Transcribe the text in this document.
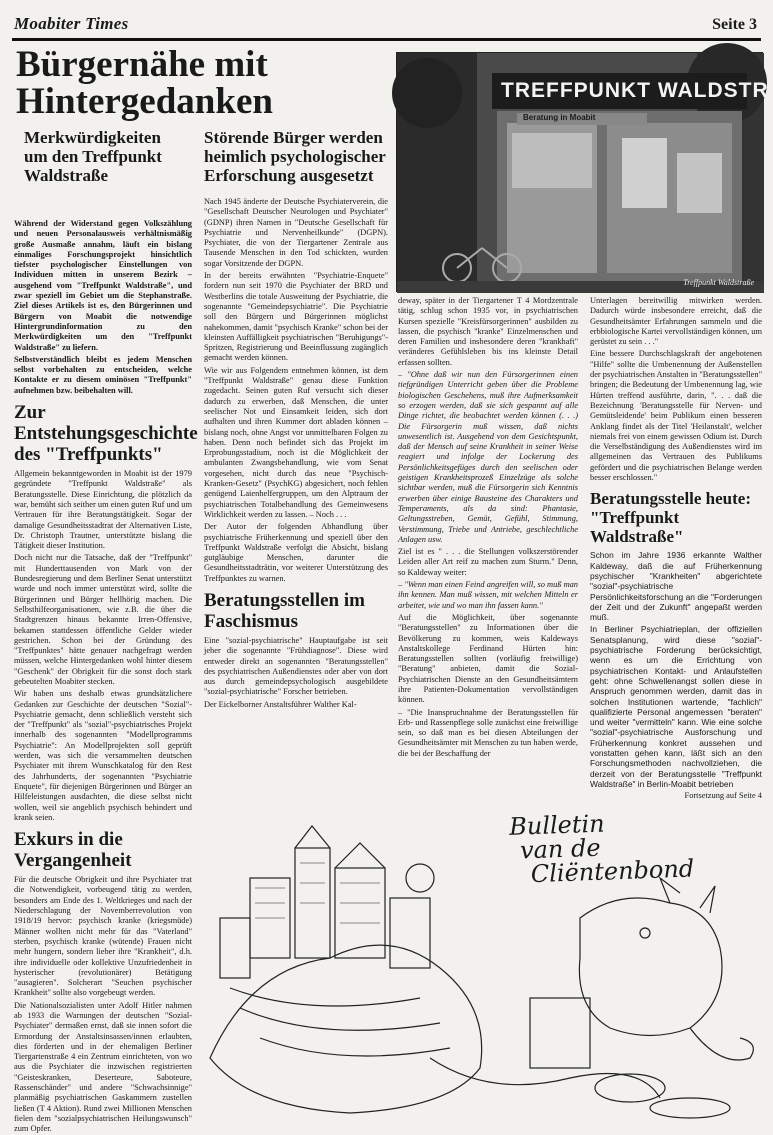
Moabiter Times	Seite 3
Bürgernähe mit Hintergedanken
Merkwürdigkeiten um den Treffpunkt Waldstraße

Während der Widerstand gegen Volkszählung und neuen Personalausweis verhältnismäßig große Ausmaße annahm, läuft ein bislang einmaliges Forschungsprojekt hinsichtlich tiefster psychologischer Einstellungen von Individuen mitten in unserem Bezirk – ausgehend vom "Treffpunkt Waldstraße", und zwar speziell im Gebiet um die Stephanstraße. Ziel dieses Artikels ist es, den Bürgerinnen und Bürgern von Moabit die notwendige Hintergrundinformation zu den Merkwürdigkeiten um den "Treffpunkt Waldstraße" zu liefern.

Selbstverständlich bleibt es jedem Menschen selbst vorbehalten zu entscheiden, welche Kontakte er zu diesem ominösen "Treffpunkt" aufnehmen bzw. beibehalten will.

Zur Entstehungsgeschichte des "Treffpunkts"

Allgemein bekanntgeworden in Moabit ist der 1979 gegründete "Treffpunkt Waldstraße" als Beratungsstelle. Diese Einrichtung, die plötzlich da war, bemüht sich seither um einen guten Ruf und um Vertrauen für ihre Beratungstätigkeit. Sogar der damalige Gesundheitsstadtrat der Alternativen Liste, Dr. Christoph Trautner, unterstützte bislang die Tätigkeit dieser Institution.

Doch nicht nur die Tatsache, daß der "Treffpunkt" mit Hunderttausenden von Mark von der Bundesregierung und dem Berliner Senat unterstützt wurde und noch immer unterstützt wird, sollte die Bürgerinnen und Bürger hellhörig machen. Die Selbsthilfeorganisationen, wie z.B. die über die Stadtgrenzen hinaus bekannte Irren-Offensive, bekamen stattdessen öffentliche Gelder wieder gestrichen. Schon bei der Gründung des "Treffpunktes" hätte genauer nachgefragt werden müssen, welche Hintergedanken wohl hinter diesem "Geschenk" der Obrigkeit für die sonst doch stark gebeutelten Moabiter stecken.

Wir haben uns deshalb etwas grundsätzlichere Gedanken zur Geschichte der deutschen "Sozial"-Psychiatrie gemacht, denn schließlich versteht sich der "Treffpunkt" als "sozial"-psychiatrisches Projekt innerhalb des sogenannten "Modellprogramms Psychiatrie": An Modellprojekten soll geprüft werden, was sich die versammelten deutschen Psychiater mit ihrem Wunschkatalog für den Rest des Jahrhunderts, der sogenannten "Psychiatrie Enquete", für diejenigen Bürgerinnen und Bürger an Hilfeleistungen ausdachten, die diese selbst nicht wollen, weil sie angeblich psychisch behindert und krank seien.

Exkurs in die Vergangenheit

Für die deutsche Obrigkeit und ihre Psychiater trat die Notwendigkeit, vorbeugend tätig zu werden, besonders am Ende des 1. Weltkrieges und nach der Niederschlagung der Novemberrevolution von 1918/19 hervor: psychisch kranke (kriegsmüde) Männer wollten nicht mehr für das "Vaterland" sterben, psychisch kranke (wütende) Frauen nicht mehr hungern, sondern lieber ihre "Krankheit", d.h. ihre individuelle oder kollektive Unzufriedenheit in hysterischer (revolutionärer) Betätigung "ausagieren". Solcherart "Seuchen psychischer Krankheit" sollte also vorgebeugt werden.

Die Nationalsozialisten unter Adolf Hitler nahmen ab 1933 die Warnungen der deutschen "Sozial-Psychiater" dermaßen ernst, daß sie innen sofort die Ermordung der Anstaltsinsassen/innen erlaubten, dies förderten und in der ehemaligen Berliner Tiergartenstraße 4 ein Zentrum einrichteten, von wo aus die Psychiater die inzwischen registrierten "Geisteskranken, Deserteure, Saboteure, Rassenschänder" und andere "Schwachsinnige" planmäßig psychiatrischen Gaskammern zustellen ließen (T 4 Aktion). Rund zwei Millionen Menschen fielen dem "sozialpsychiatrischen Heilungswunsch" zum Opfer.

Störende Bürger werden heimlich psychologischer Erforschung ausgesetzt

Nach 1945 änderte der Deutsche Psychiaterverein, die "Gesellschaft Deutscher Neurologen und Psychiater" (GDNP) ihren Namen in "Deutsche Gesellschaft für Psychiatrie und Nervenheilkunde" (DGPN). Psychiater, die von der Tiergartener Zentrale aus Tausende Menschen in den Tod schickten, wurden sogar Vorsitzende der DGPN.

In der bereits erwähnten "Psychiatrie-Enquete" fordern nun seit 1970 die Psychiater der BRD und Westberlins die totale Ausweitung der Psychiatrie, die sogenannte "Gemeindepsychiatrie". Die Psychiatrie soll den Bürgern und Bürgerinnen möglichst nahekommen, damit "psychisch Kranke" schon bei der kleinsten Auffälligkeit psychiatrischen "Beruhigungs"-Spritzen, Registrierung und Beeinflussung zugänglich gemacht werden können.

Wie wir aus Folgendem entnehmen können, ist dem "Treffpunkt Waldstraße" genau diese Funktion zugedacht. Seinen guten Ruf versucht sich dieser dadurch zu erwerben, daß Menschen, die unter seelischer Not und Einsamkeit leiden, sich dort aufhalten und ihren Kummer dort abladen können – bislang noch, ohne Angst vor unmittelbaren Folgen zu haben. Denn noch befindet sich das Projekt im Erprobungsstadium, noch ist die Möglichkeit der ambulanten Zwangsbehandlung, wie vom Senat vorgesehen, nicht durch das neue "Psychisch-Kranken-Gesetz" (PsychKG) abgesichert, noch fehlen genügend Laienhelfergruppen, um den Alptraum der psychiatrischen Totalbehandlung des Gemeinwesens Wirklichkeit werden zu lassen. – Noch . . .

Der Autor der folgenden Abhandlung über psychiatrische Früherkennung und speziell über den Treffpunkt Waldstraße verfolgt die Absicht, bislang gutgläubige Menschen, darunter die Gesundheitsstadträtin, vor weiterer Unterstützung des Treffpunktes zu warnen.

Beratungsstellen im Faschismus

Eine "sozial-psychiatrische" Hauptaufgabe ist seit jeher die sogenannte "Frühdiagnose". Diese wird entweder direkt an sogenannten "Beratungsstellen" des psychiatrischen Außendienstes oder aber von dort aus durch gemeindepsychologisch ausgebildete "sozial-psychiatrische" Forscher betrieben.

Der Eickelborner Anstaltsführer Walther Kal-

TREFFPUNKT WALDSTR
Beratung in Moabit
Treffpunkt Waldstraße

deway, später in der Tiergartener T 4 Mordzentrale tätig, schlug schon 1935 vor, in psychiatrischen Kursen spezielle "Kreisfürsorgerinnen" ausbilden zu lassen, die psychisch "kranke" Einzelmenschen und deren Familien und insbesondere deren "krankhaft" veränderes Gefühlsleben bis ins kleinste Detail erfassen sollten.

– "Ohne daß wir nun den Fürsorgerinnen einen tiefgründigen Unterricht geben über die Probleme biologischen Geschehens, muß ihre Aufmerksamkeit so erzogen werden, daß sie sich gespannt auf alle Dinge richtet, die beobachtet werden können (. . .) Die Fürsorgerin muß wissen, daß nichts unwesentlich ist. Ausgehend von dem Gesichtspunkt, daß der Mensch auf seine Krankheit in seiner Weise reagiert und infolge der Lockerung des Persönlichkeitsgefüges durch den seelischen oder geistigen Krankheitsprozeß Einzelzüge als solche sichtbar werden, muß die Fürsorgerin sich Kenntnis erwerben über einige Bausteine des Charakters und Temperaments, als da sind: Phantasie, Geltungsstreben, Gemüt, Gefühl, Stimmung, Verstimmung, Triebe und Antriebe, geschlechtliche Anlagen usw.

Ziel ist es " . . . die Stellungen volkszerstörender Leiden aller Art reif zu machen zum Sturm." Denn, so Kaldeway weiter:

– "Wenn man einen Feind angreifen will, so muß man ihn kennen. Man muß wissen, mit welchen Mitteln er arbeitet, wie und wo man ihn fassen kann."

Auf die Möglichkeit, über sogenannte "Beratungsstellen" zu Informationen über die Bevölkerung zu kommen, weis Kaldeways Anstaltskollege Ferdinand Hürten hin: Beratungsstellen sollten (vorläufig freiwillige) "Beratung" anbieten, damit die Sozial-Psychiatrischen Dienste an den Gesundheitsämtern ihre Patienten-Dokumentation vervollständigen können.

– "Die Inanspruchnahme der Beratungsstellen für Erb- und Rassenpflege solle zunächst eine freiwillige sein, so daß man es bei diesen Abteilungen der Gesundheitsämter mit Menschen zu tun haben werde, die bei der Beschaffung der

Unterlagen bereitwillig mitwirken werden. Dadurch würde insbesondere erreicht, daß die Gesundheitsämter Erfahrungen sammeln und die erbbiologische Kartei vervollständigen können, um gerüstet zu sein . . ."

Eine bessere Durchschlagskraft der angebotenen "Hilfe" sollte die Umbenennung der Außenstellen der psychiatrischen Anstalten in "Beratungsstellen" bringen; die Bedeutung der Umbenennung lag, wie Hürten treffend ausführte, darin, ". . . daß die Bezeichnung 'Beratungsstelle für Nerven- und Gemütsleidende' beim Publikum einen besseren Anklang findet als der Titel 'Heilanstalt', welcher niemals frei von einem gewissen Odium ist. Durch die Verselbständigung des Außendienstes wird im allgemeinen das Vertrauen des Publikums gefördert und die psychiatrischen Belange werden besser erschlossen."

Beratungsstelle heute: "Treffpunkt Waldstraße"

Schon im Jahre 1936 erkannte Walther Kaldeway, daß die auf Früherkennung psychischer "Krankheiten" abgerichtete "sozial"-psychiatrische Persönlichkeitsforschung an die "Forderungen der Zeit und der Zukunft" angepaßt werden muß.

In Berliner Psychiatrieplan, der offiziellen Senatsplanung, wird diese "sozial"-psychiatrische Forderung berücksichtigt, wenn es um die Errichtung von psychiatrischen Kontakt- und Anlaufstellen geht: ohne Schwellenangst sollen diese in Anspruch genommen werden, damit das in solchen Institutionen wartende, "fachlich" qualifizierte Personal angemessen "beraten" und weiter "vermitteln" kann. Wie eine solche "sozial"-psychiatrische Ausforschung und Früherkennung konkret aussehen und vonstatten gehen kann, läßt sich an den Forschungsmethoden nachvollziehen, die derzeit von der Beratungsstelle "Treffpunkt Waldstraße" in Berlin-Moabit betrieben

Fortsetzung auf Seite 4
Bulletin
van de
Cliëntenbond
